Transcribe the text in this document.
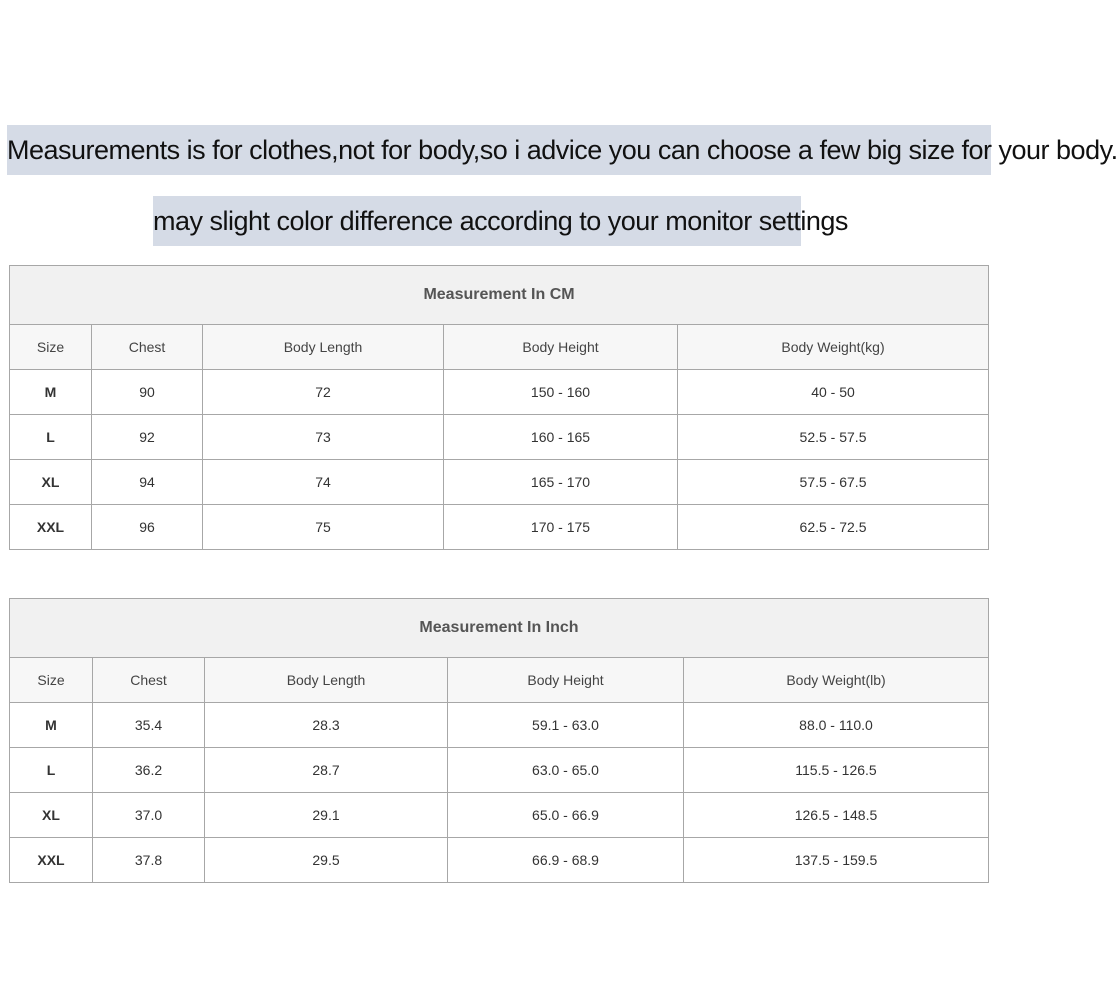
Measurements is for clothes,not for body,so i advice you can choose a few big size for your body.
may slight color difference according to your monitor settings
Measurement In CM				
Size	Chest	Body Length	Body Height	Body Weight(kg)
M	90	72	150 - 160	40 - 50
L	92	73	160 - 165	52.5 - 57.5
XL	94	74	165 - 170	57.5 - 67.5
XXL	96	75	170 - 175	62.5 - 72.5
Measurement In Inch				
Size	Chest	Body Length	Body Height	Body Weight(lb)
M	35.4	28.3	59.1 - 63.0	88.0 - 110.0
L	36.2	28.7	63.0 - 65.0	115.5 - 126.5
XL	37.0	29.1	65.0 - 66.9	126.5 - 148.5
XXL	37.8	29.5	66.9 - 68.9	137.5 - 159.5
